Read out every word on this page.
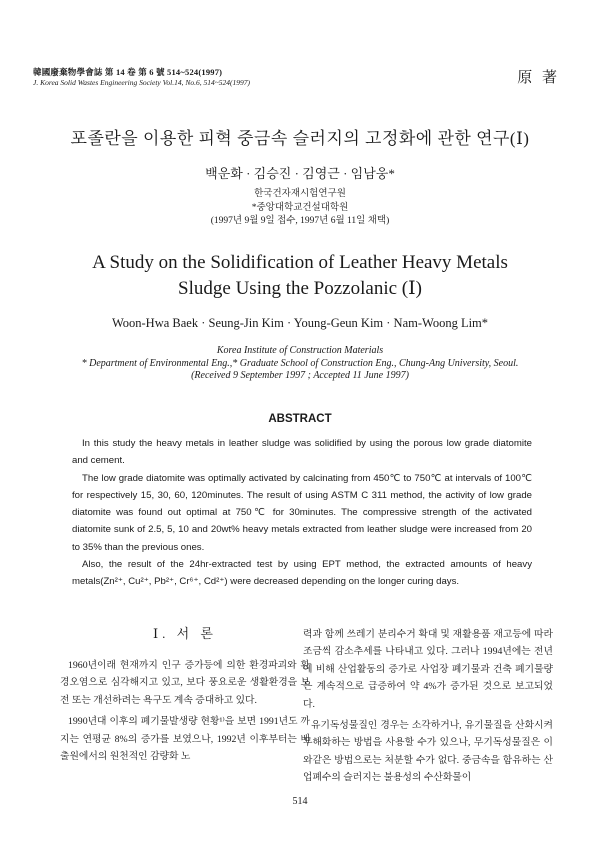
韓國廢棄物學會誌 第 14 卷 第 6 號 514~524(1997)
J. Korea Solid Wastes Engineering Society Vol.14, No.6, 514~524(1997)	原 著
포졸란을 이용한 피혁 중금속 슬러지의 고정화에 관한 연구(Ⅰ)
백운화 · 김승진 · 김영근 · 임남웅*
한국건자재시험연구원
*중앙대학교건설대학원
(1997년 9월 9일 접수, 1997년 6월 11일 채택)
A Study on the Solidification of Leather Heavy Metals
Sludge Using the Pozzolanic (Ⅰ)
Woon-Hwa Baek · Seung-Jin Kim · Young-Geun Kim · Nam-Woong Lim*
Korea Institute of Construction Materials
* Department of Environmental Eng.,* Graduate School of Construction Eng., Chung-Ang University, Seoul.
(Received 9 September 1997 ; Accepted 11 June 1997)
ABSTRACT

In this study the heavy metals in leather sludge was solidified by using the porous low grade diatomite and cement.

The low grade diatomite was optimally activated by calcinating from 450℃ to 750℃ at intervals of 100℃ for respectively 15, 30, 60, 120minutes. The result of using ASTM C 311 method, the activity of low grade diatomite was found out optimal at 750℃ for 30minutes. The compressive strength of the activated diatomite sunk of 2.5, 5, 10 and 20wt% heavy metals extracted from leather sludge were increased from 20 to 35% than the previous ones.

Also, the result of the 24hr-extracted test by using EPT method, the extracted amounts of heavy metals(Zn²⁺, Cu²⁺, Pb²⁺, Cr⁶⁺, Cd²⁺) were decreased depending on the longer curing days.

Ⅰ. 서 론

1960년이래 현재까지 인구 증가등에 의한 환경파괴와 환경오염으로 심각해지고 있고, 보다 풍요로운 생활환경을 보전 또는 개선하려는 욕구도 계속 증대하고 있다.

1990년대 이후의 폐기물발생량 현황¹⁾을 보면 1991년도 까지는 연평균 8%의 증가를 보였으나, 1992년 이후부터는 배출원에서의 원천적인 감량화 노

력과 함께 쓰레기 분리수거 확대 및 재활용품 재고등에 따라 조금씩 감소추세를 나타내고 있다. 그러나 1994년에는 전년에 비해 산업활동의 증가로 사업장 폐기물과 건축 폐기물량은 계속적으로 급증하여 약 4%가 증가된 것으로 보고되었다.

유기독성물질인 경우는 소각하거나, 유기물질을 산화시켜 무해화하는 방법을 사용할 수가 있으나, 무기독성물질은 이와같은 방법으로는 처분할 수가 없다. 중금속을 함유하는 산업폐수의 슬러지는 불용성의 수산화물이

514
